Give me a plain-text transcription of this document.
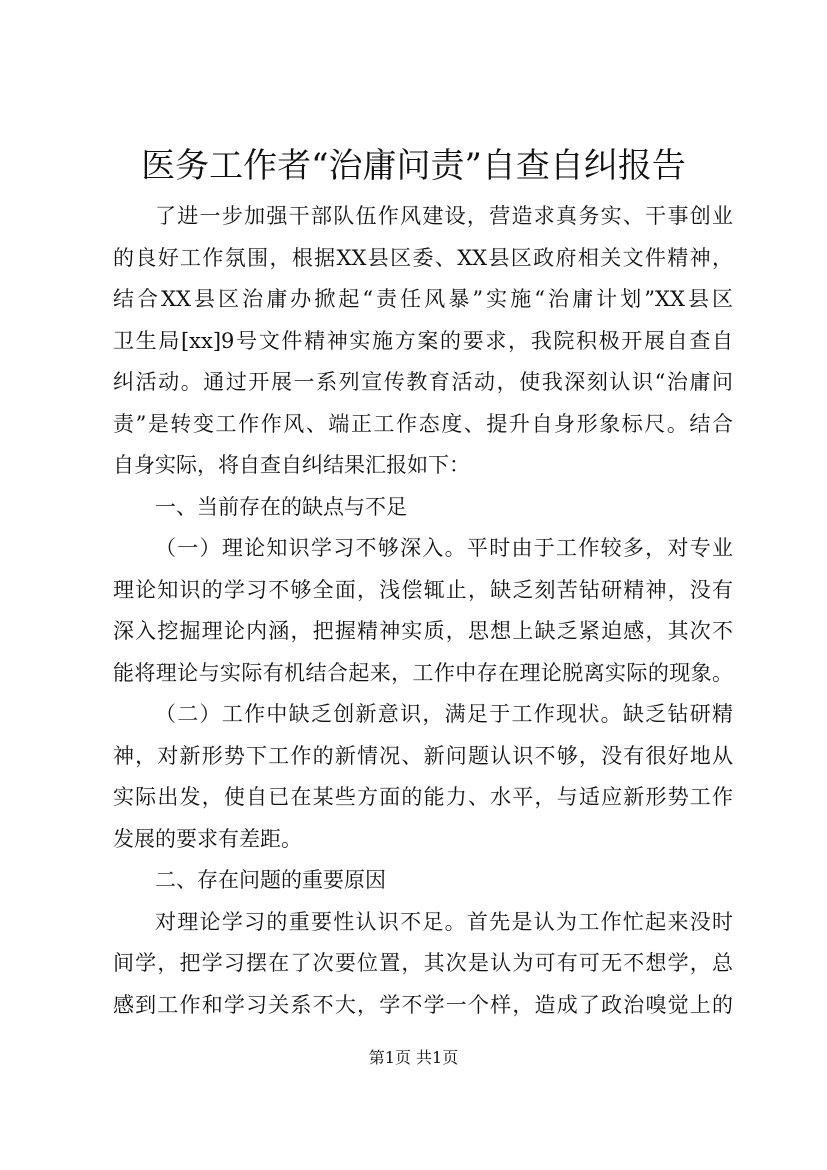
医务工作者“治庸问责”自查自纠报告
了进一步加强干部队伍作风建设，营造求真务实、干事创业
的良好工作氛围，根据XX县区委、XX县区政府相关文件精神，
结合XX县区治庸办掀起“责任风暴”实施“治庸计划”XX县区
卫生局[xx]9号文件精神实施方案的要求，我院积极开展自查自
纠活动。通过开展一系列宣传教育活动，使我深刻认识“治庸问
责”是转变工作作风、端正工作态度、提升自身形象标尺。结合
自身实际，将自查自纠结果汇报如下：
一、当前存在的缺点与不足
（一）理论知识学习不够深入。平时由于工作较多，对专业
理论知识的学习不够全面，浅偿辄止，缺乏刻苦钻研精神，没有
深入挖掘理论内涵，把握精神实质，思想上缺乏紧迫感，其次不
能将理论与实际有机结合起来，工作中存在理论脱离实际的现象。
（二）工作中缺乏创新意识，满足于工作现状。缺乏钻研精
神，对新形势下工作的新情况、新问题认识不够，没有很好地从
实际出发，使自已在某些方面的能力、水平，与适应新形势工作
发展的要求有差距。
二、存在问题的重要原因
对理论学习的重要性认识不足。首先是认为工作忙起来没时
间学，把学习摆在了次要位置，其次是认为可有可无不想学，总
感到工作和学习关系不大，学不学一个样，造成了政治嗅觉上的
第1页 共1页
